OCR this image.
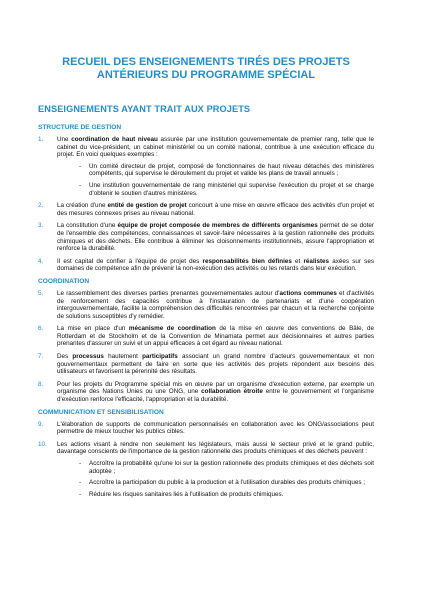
RECUEIL DES ENSEIGNEMENTS TIRÉS DES PROJETS
ANTÉRIEURS DU PROGRAMME SPÉCIAL
ENSEIGNEMENTS AYANT TRAIT AUX PROJETS
STRUCTURE DE GESTION
1. Une coordination de haut niveau assurée par une institution gouvernementale de premier rang, telle que le cabinet du vice-président, un cabinet ministériel ou un comité national, contribue à une exécution efficace du projet. En voici quelques exemples :
- Un comité directeur de projet, composé de fonctionnaires de haut niveau détachés des ministères compétents, qui supervise le déroulement du projet et valide les plans de travail annuels ;
- Une institution gouvernementale de rang ministériel qui supervise l'exécution du projet et se charge d'obtenir le soutien d'autres ministères.
2. La création d'une entité de gestion de projet concourt à une mise en œuvre efficace des activités d'un projet et des mesures connexes prises au niveau national.
3. La constitution d'une équipe de projet composée de membres de différents organismes permet de se doter de l'ensemble des compétences, connaissances et savoir-faire nécessaires à la gestion rationnelle des produits chimiques et des déchets. Elle contribue à éliminer les cloisonnements institutionnels, assure l'appropriation et renforce la durabilité.
4. Il est capital de confier à l'équipe de projet des responsabilités bien définies et réalistes axées sur ses domaines de compétence afin de prévenir la non-exécution des activités ou les retards dans leur exécution.
COORDINATION
5. Le rassemblement des diverses parties prenantes gouvernementales autour d'actions communes et d'activités de renforcement des capacités contribue à l'instauration de partenariats et d'une coopération intergouvernementale, facilite la compréhension des difficultés rencontrées par chacun et la recherche conjointe de solutions susceptibles d'y remédier.
6. La mise en place d'un mécanisme de coordination de la mise en œuvre des conventions de Bâle, de Rotterdam et de Stockholm et de la Convention de Minamata permet aux décisionnaires et autres parties prenantes d'assurer un suivi et un appui efficaces à cet égard au niveau national.
7. Des processus hautement participatifs associant un grand nombre d'acteurs gouvernementaux et non gouvernementaux permettent de faire en sorte que les activités des projets répondent aux besoins des utilisateurs et favorisent la pérennité des résultats.
8. Pour les projets du Programme spécial mis en œuvre par un organisme d'exécution externe, par exemple un organisme des Nations Unies ou une ONG, une collaboration étroite entre le gouvernement et l'organisme d'exécution renforce l'efficacité, l'appropriation et la durabilité.
COMMUNICATION ET SENSIBILISATION
9. L'élaboration de supports de communication personnalisés en collaboration avec les ONG/associations peut permettre de mieux toucher les publics cibles.
10. Les actions visant à rendre non seulement les législateurs, mais aussi le secteur privé et le grand public, davantage conscients de l'importance de la gestion rationnelle des produits chimiques et des déchets peuvent :
- Accroître la probabilité qu'une loi sur la gestion rationnelle des produits chimiques et des déchets soit adoptée ;
- Accroître la participation du public à la production et à l'utilisation durables des produits chimiques ;
- Réduire les risques sanitaires liés à l'utilisation de produits chimiques.
